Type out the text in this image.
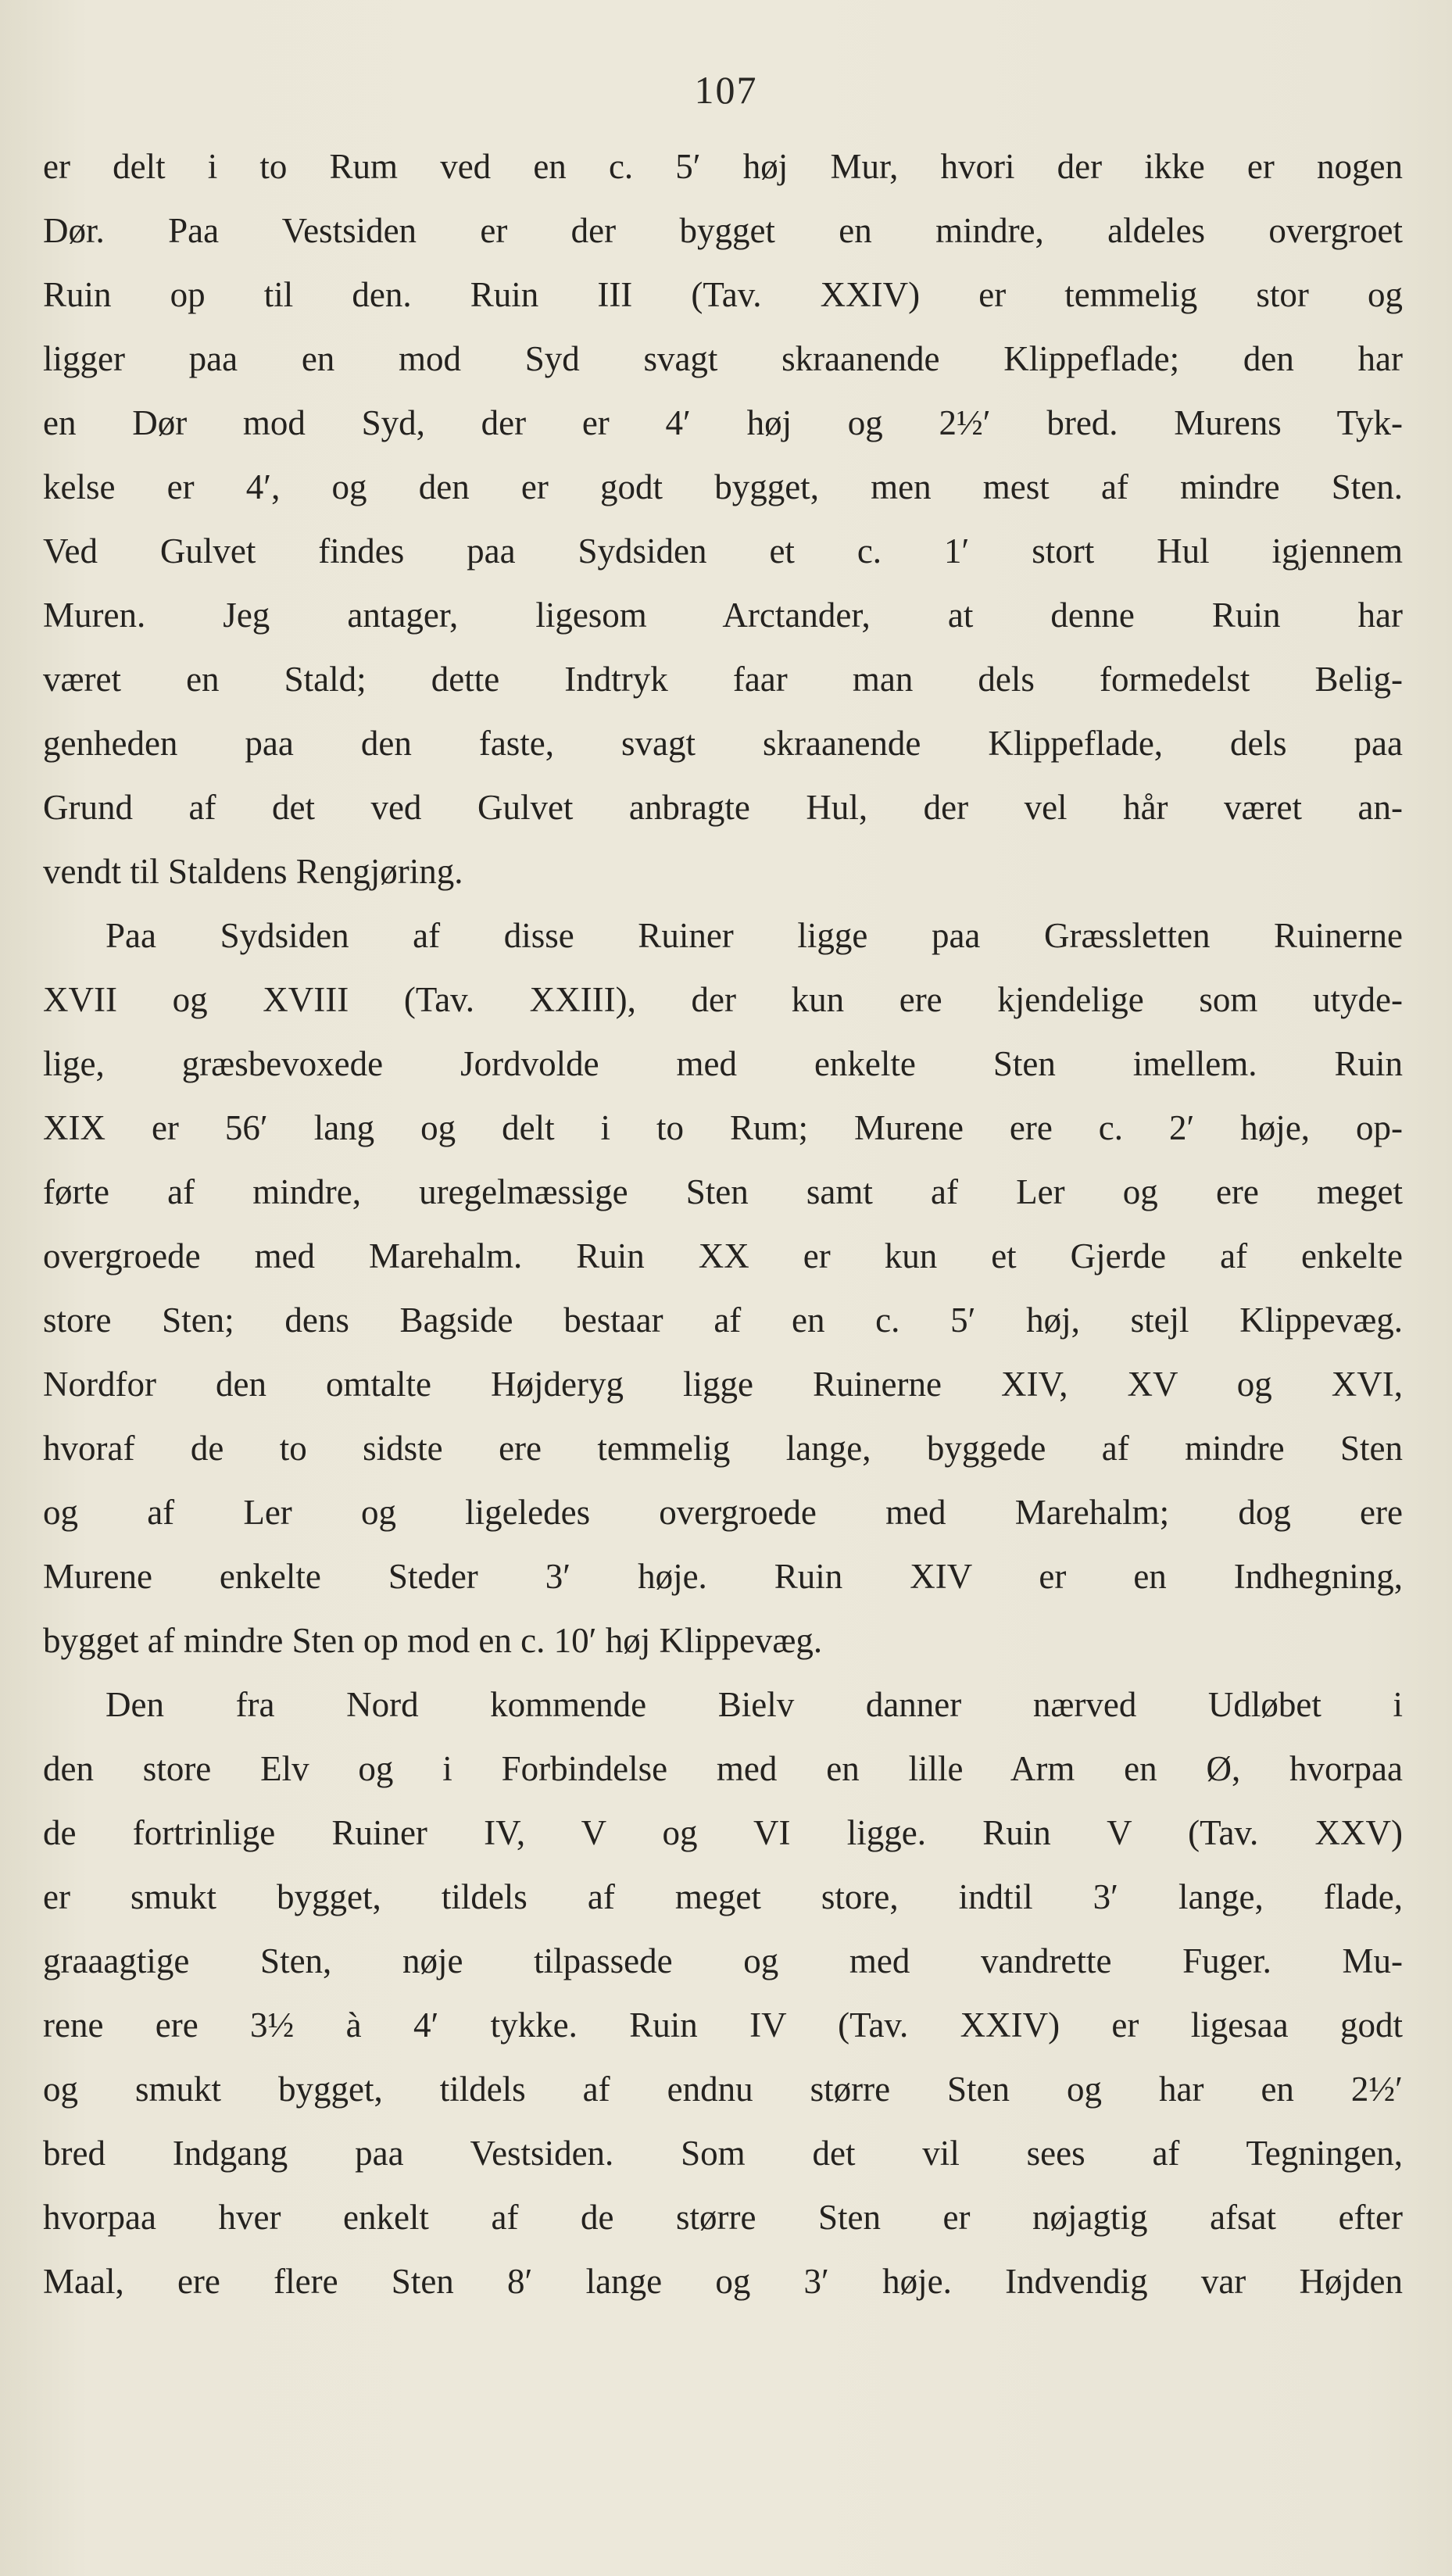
107
er delt i to Rum ved en c. 5′ høj Mur, hvori der ikke er nogen
Dør. Paa Vestsiden er der bygget en mindre, aldeles overgroet
Ruin op til den. Ruin III (Tav. XXIV) er temmelig stor og
ligger paa en mod Syd svagt skraanende Klippeflade; den har
en Dør mod Syd, der er 4′ høj og 2½′ bred. Murens Tyk-
kelse er 4′, og den er godt bygget, men mest af mindre Sten.
Ved Gulvet findes paa Sydsiden et c. 1′ stort Hul igjennem
Muren. Jeg antager, ligesom Arctander, at denne Ruin har
været en Stald; dette Indtryk faar man dels formedelst Belig-
genheden paa den faste, svagt skraanende Klippeflade, dels paa
Grund af det ved Gulvet anbragte Hul, der vel hår været an-
vendt til Staldens Rengjøring.
Paa Sydsiden af disse Ruiner ligge paa Græssletten Ruinerne
XVII og XVIII (Tav. XXIII), der kun ere kjendelige som utyde-
lige, græsbevoxede Jordvolde med enkelte Sten imellem. Ruin
XIX er 56′ lang og delt i to Rum; Murene ere c. 2′ høje, op-
førte af mindre, uregelmæssige Sten samt af Ler og ere meget
overgroede med Marehalm. Ruin XX er kun et Gjerde af enkelte
store Sten; dens Bagside bestaar af en c. 5′ høj, stejl Klippevæg.
Nordfor den omtalte Højderyg ligge Ruinerne XIV, XV og XVI,
hvoraf de to sidste ere temmelig lange, byggede af mindre Sten
og af Ler og ligeledes overgroede med Marehalm; dog ere
Murene enkelte Steder 3′ høje. Ruin XIV er en Indhegning,
bygget af mindre Sten op mod en c. 10′ høj Klippevæg.
Den fra Nord kommende Bielv danner nærved Udløbet i
den store Elv og i Forbindelse med en lille Arm en Ø, hvorpaa
de fortrinlige Ruiner IV, V og VI ligge. Ruin V (Tav. XXV)
er smukt bygget, tildels af meget store, indtil 3′ lange, flade,
graaagtige Sten, nøje tilpassede og med vandrette Fuger. Mu-
rene ere 3½ à 4′ tykke. Ruin IV (Tav. XXIV) er ligesaa godt
og smukt bygget, tildels af endnu større Sten og har en 2½′
bred Indgang paa Vestsiden. Som det vil sees af Tegningen,
hvorpaa hver enkelt af de større Sten er nøjagtig afsat efter
Maal, ere flere Sten 8′ lange og 3′ høje. Indvendig var Højden
